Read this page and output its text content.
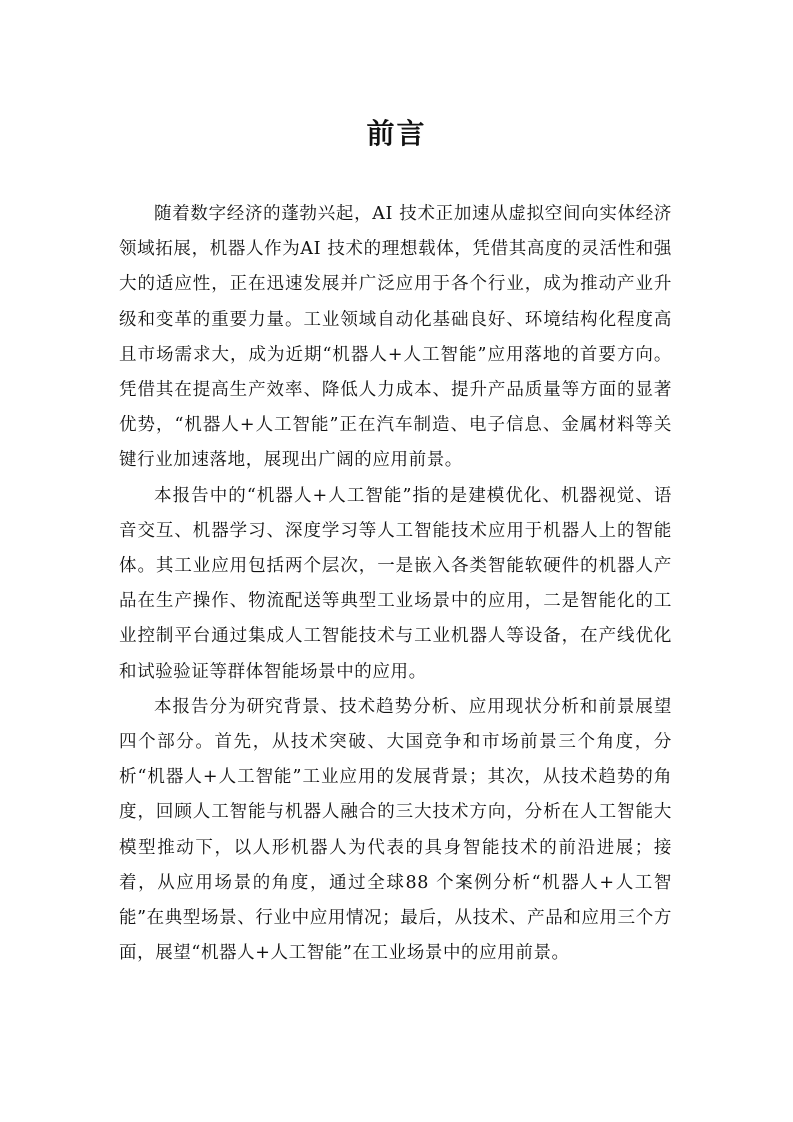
前言

随着数字经济的蓬勃兴起，AI 技术正加速从虚拟空间向实体经济领域拓展，机器人作为AI 技术的理想载体，凭借其高度的灵活性和强大的适应性，正在迅速发展并广泛应用于各个行业，成为推动产业升级和变革的重要力量。工业领域自动化基础良好、环境结构化程度高且市场需求大，成为近期“机器人+人工智能”应用落地的首要方向。凭借其在提高生产效率、降低人力成本、提升产品质量等方面的显著优势，“机器人+人工智能”正在汽车制造、电子信息、金属材料等关键行业加速落地，展现出广阔的应用前景。

本报告中的“机器人+人工智能”指的是建模优化、机器视觉、语音交互、机器学习、深度学习等人工智能技术应用于机器人上的智能体。其工业应用包括两个层次，一是嵌入各类智能软硬件的机器人产品在生产操作、物流配送等典型工业场景中的应用，二是智能化的工业控制平台通过集成人工智能技术与工业机器人等设备，在产线优化和试验验证等群体智能场景中的应用。

本报告分为研究背景、技术趋势分析、应用现状分析和前景展望四个部分。首先，从技术突破、大国竞争和市场前景三个角度，分析“机器人+人工智能”工业应用的发展背景；其次，从技术趋势的角度，回顾人工智能与机器人融合的三大技术方向，分析在人工智能大模型推动下，以人形机器人为代表的具身智能技术的前沿进展；接着，从应用场景的角度，通过全球88 个案例分析“机器人+人工智能”在典型场景、行业中应用情况；最后，从技术、产品和应用三个方面，展望“机器人+人工智能”在工业场景中的应用前景。
